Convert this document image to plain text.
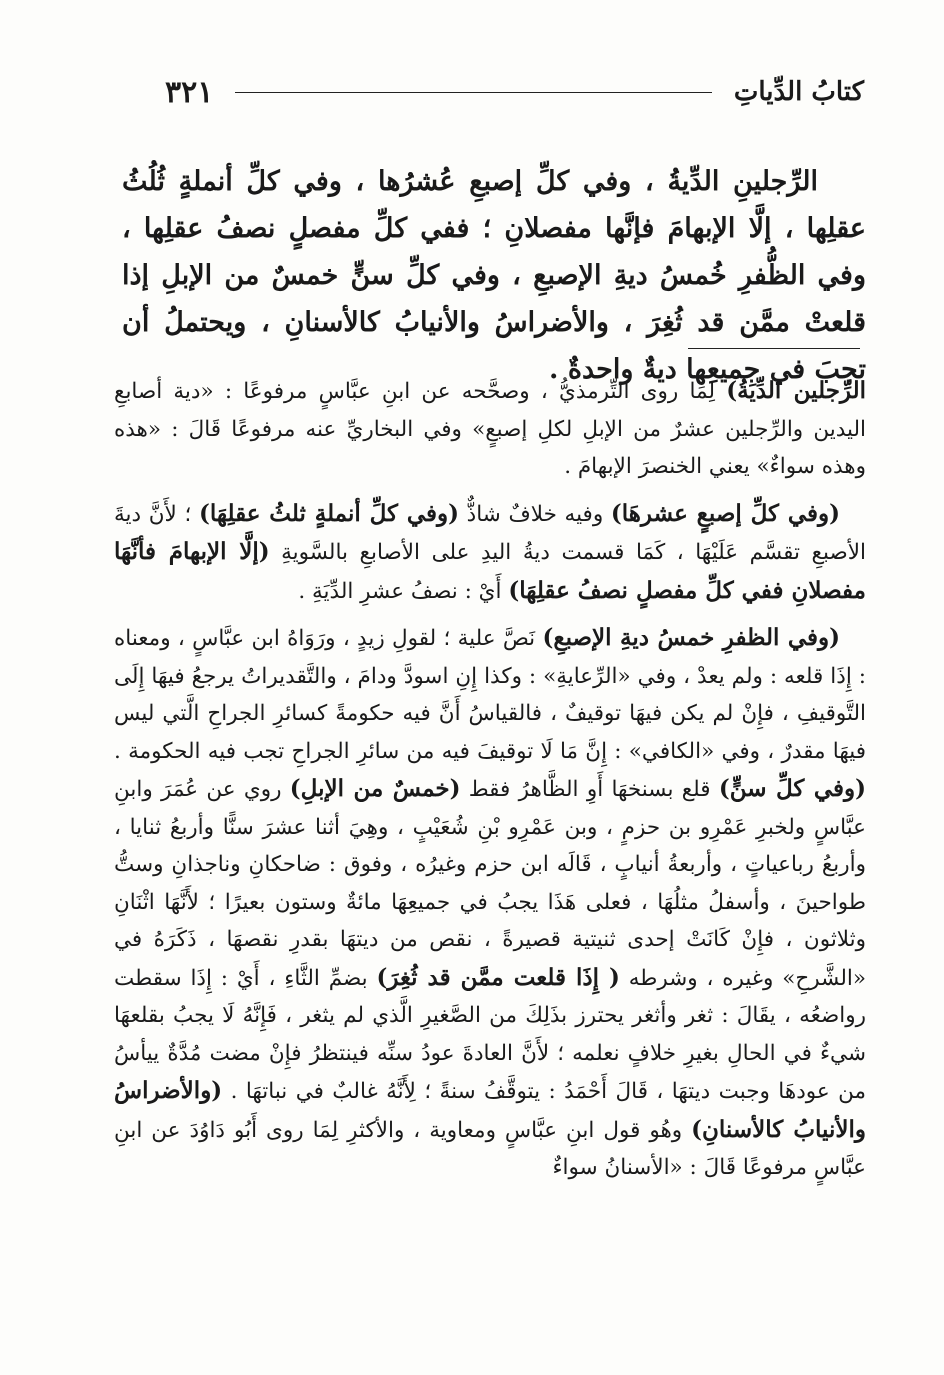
كتابُ الدِّياتِ
٣٢١

الرِّجلينِ الدِّيةُ ، وفي كلِّ إصبعِ عُشرُها ، وفي كلِّ أنملةٍ ثُلُثُ عقلِها ، إلَّا الإبهامَ فإنَّها مفصلانِ ؛ ففي كلِّ مفصلٍ نصفُ عقلِها ، وفي الظُّفرِ خُمسُ ديةِ الإصبعِ ، وفي كلِّ سنٍّ خمسٌ من الإبلِ إذا قلعتْ ممَّن قد ثُغِرَ ، والأضراسُ والأنيابُ كالأسنانِ ، ويحتملُ أن تجبَ في جميعِها ديةٌ واحدةٌ .

الرِّجلين الدِّيَةُ) لِمَا روى التِّرمذيُّ ، وصحَّحه عن ابنِ عبَّاسٍ مرفوعًا : «دية أصابعِ اليدين والرِّجلين عشرٌ من الإبلِ لكلِ إصبعٍ» وفي البخاريِّ عنه مرفوعًا قَالَ : «هذه وهذه سواءٌ» يعني الخنصرَ الإبهامَ .

(وفي كلِّ إصبعٍ عشرهَا) وفيه خلافٌ شاذٌّ (وفي كلِّ أنملةٍ ثلثُ عقلِهَا) ؛ لأَنَّ ديةَ الأصبعِ تقسَّم عَلَيْهَا ، كَمَا قسمت ديةُ اليدِ على الأصابعِ بالسَّويةِ (إلَّا الإبهامَ فأنَّهَا مفصلانِ ففي كلِّ مفصلٍ نصفُ عقلِهَا) أَيْ : نصفُ عشرِ الدِّيَةِ .

(وفي الظفرِ خمسُ ديةِ الإصبعِ) نَصَّ علية ؛ لقولِ زيدٍ ، ورَوَاهُ ابن عبَّاسٍ ، ومعناه : إِذَا قلعه : ولم يعدْ ، وفي «الرِّعايةِ» : وكذا إِنِ اسودَّ ودامَ ، والتَّقديراتُ يرجعُ فيهَا إِلَى التَّوقيفِ ، فإِنْ لم يكن فيهَا توقيفٌ ، فالقياسُ أَنَّ فيه حكومةً كسائرِ الجراحِ الَّتي ليس فيهَا مقدرٌ ، وفي «الكافي» : إِنَّ مَا لَا توقيفَ فيه من سائرِ الجراحِ تجب فيه الحكومة . (وفي كلِّ سنٍّ) قلع بسنخهَا أَوِ الظَّاهرُ فقط (خمسٌ من الإبلِ) روي عن عُمَرَ وابنِ عبَّاسٍ ولخبرِ عَمْرِو بن حزمٍ ، وبن عَمْرِو بْنِ شُعَيْبٍ ، وهِيَ أثنا عشرَ سنًّا وأربعُ ثنايا ، وأربعُ رباعياتٍ ، وأربعةُ أنيابٍ ، قَالَه ابن حزم وغيرُه ، وفوق : ضاحكانِ وناجذانِ وستُّ طواحينَ ، وأسفلُ مثلُهَا ، فعلى هَذَا يجبُ في جميعِهَا مائةٌ وستون بعيرًا ؛ لأَنَّهَا اثْنَانِ وثلاثون ، فإِنْ كَانَتْ إحدى ثنيتية قصيرةً ، نقص من ديتهَا بقدرِ نقصهَا ، ذَكَرَهُ في «الشَّرحِ» وغيره ، وشرطه ( إِذَا قلعت ممَّن قد ثُغِرَ) بضمِّ الثَّاءِ ، أَيْ : إِذَا سقطت رواضعُه ، يقَالَ : ثغر وأثغر يحترز بذَلِكَ من الصَّغيرِ الَّذي لم يثغر ، فَإِنَّهُ لَا يجبُ بقلعهَا شيءٌ في الحالِ بغيرِ خلافٍ نعلمه ؛ لأَنَّ العادةَ عودُ سنِّه فينتظرُ فإِنْ مضت مُدَّةٌ ييأسُ من عودهَا وجبت ديتهَا ، قَالَ أَحْمَدُ : يتوقَّفُ سنةً ؛ لِأَنَّهُ غالبٌ في نباتهَا . (والأضراسُ والأنيابُ كالأسنانِ) وهُو قول ابنِ عبَّاسٍ ومعاوية ، والأكثرِ لِمَا روى أَبُو دَاوُدَ عن ابنِ عبَّاسٍ مرفوعًا قَالَ : «الأسنانُ سواءٌ
